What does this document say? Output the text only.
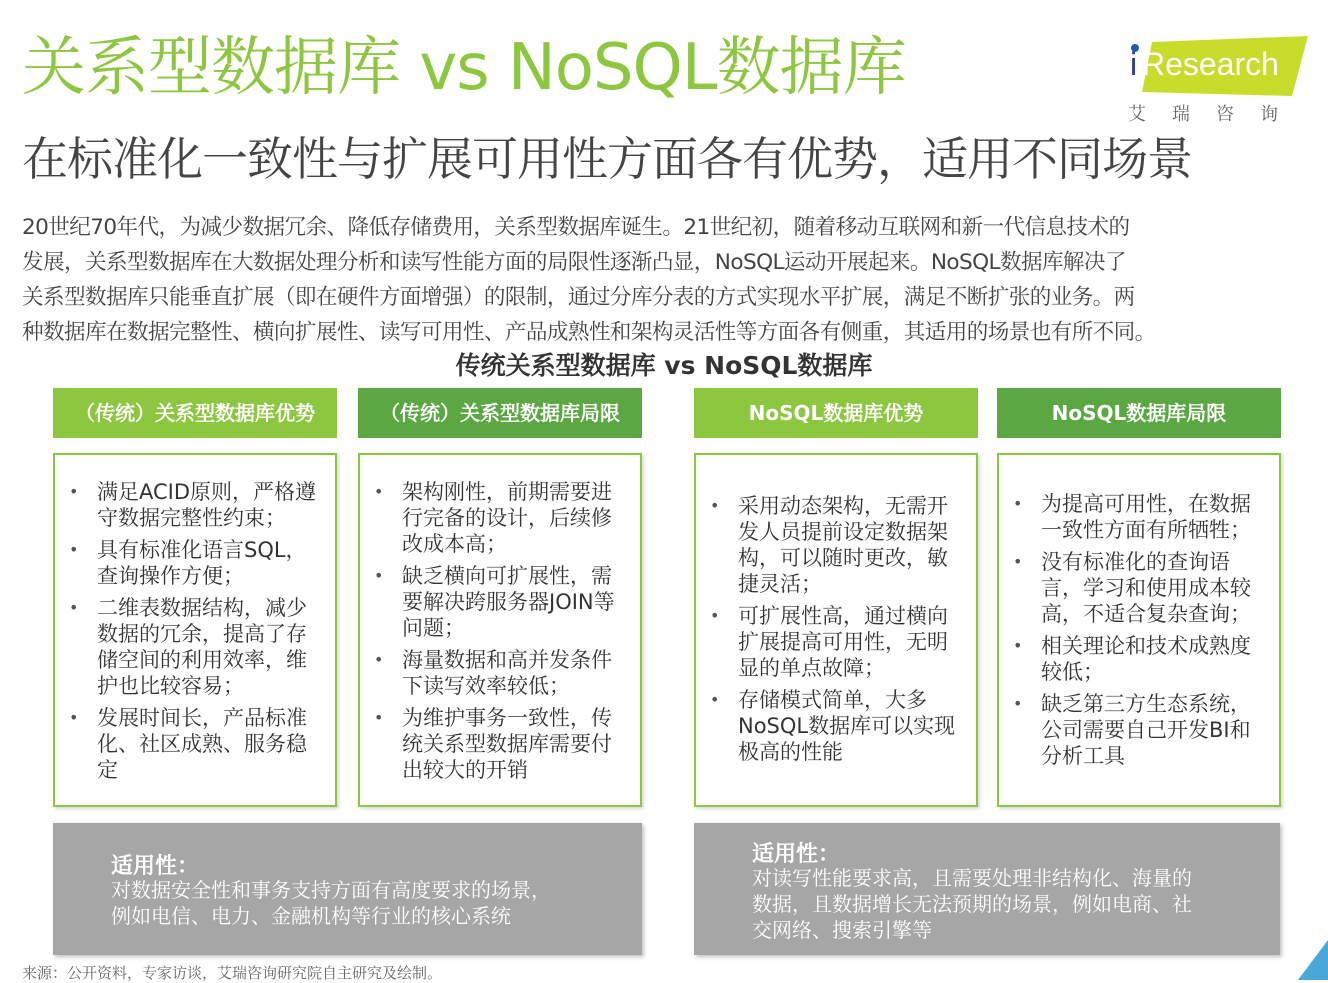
关系型数据库 vs NoSQL数据库
在标准化一致性与扩展可用性方面各有优势，适用不同场景
i Research
艾瑞咨询
20世纪70年代，为减少数据冗余、降低存储费用，关系型数据库诞生。21世纪初，随着移动互联网和新一代信息技术的
发展，关系型数据库在大数据处理分析和读写性能方面的局限性逐渐凸显，NoSQL运动开展起来。NoSQL数据库解决了
关系型数据库只能垂直扩展（即在硬件方面增强）的限制，通过分库分表的方式实现水平扩展，满足不断扩张的业务。两
种数据库在数据完整性、横向扩展性、读写可用性、产品成熟性和架构灵活性等方面各有侧重，其适用的场景也有所不同。
传统关系型数据库 vs NoSQL数据库
（传统）关系型数据库优势	（传统）关系型数据库局限	NoSQL数据库优势	NoSQL数据库局限
• 满足ACID原则，严格遵守数据完整性约束；
• 具有标准化语言SQL，查询操作方便；
• 二维表数据结构，减少数据的冗余，提高了存储空间的利用效率，维护也比较容易；
• 发展时间长，产品标准化、社区成熟、服务稳定
• 架构刚性，前期需要进行完备的设计，后续修改成本高；
• 缺乏横向可扩展性，需要解决跨服务器JOIN等问题；
• 海量数据和高并发条件下读写效率较低；
• 为维护事务一致性，传统关系型数据库需要付出较大的开销
• 采用动态架构，无需开发人员提前设定数据架构，可以随时更改，敏捷灵活；
• 可扩展性高，通过横向扩展提高可用性，无明显的单点故障；
• 存储模式简单，大多NoSQL数据库可以实现极高的性能
• 为提高可用性，在数据一致性方面有所牺牲；
• 没有标准化的查询语言，学习和使用成本较高，不适合复杂查询；
• 相关理论和技术成熟度较低；
• 缺乏第三方生态系统，公司需要自己开发BI和分析工具
适用性：
对数据安全性和事务支持方面有高度要求的场景，
例如电信、电力、金融机构等行业的核心系统
适用性：
对读写性能要求高，且需要处理非结构化、海量的
数据，且数据增长无法预期的场景，例如电商、社
交网络、搜索引擎等
来源：公开资料，专家访谈，艾瑞咨询研究院自主研究及绘制。
